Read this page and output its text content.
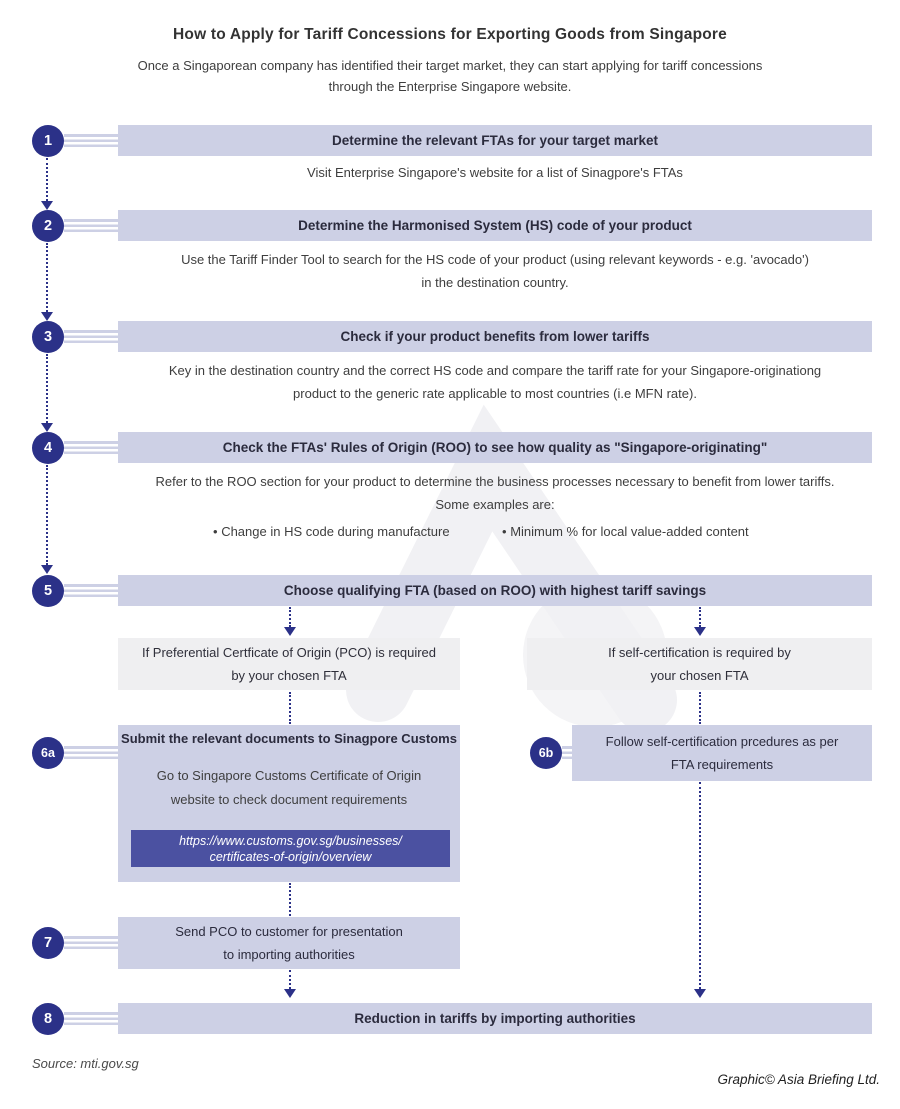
How to Apply for Tariff Concessions for Exporting Goods from Singapore
Once a Singaporean company has identified their target market, they can start applying for tariff concessions
through the Enterprise Singapore website.
1	Determine the relevant FTAs for your target market
Visit Enterprise Singapore's website for a list of Sinagpore's FTAs
2	Determine the Harmonised System (HS) code of your product
Use the Tariff Finder Tool to search for the HS code of your product (using relevant keywords - e.g. 'avocado')
in the destination country.
3	Check if your product benefits from lower tariffs
Key in the destination country and the correct HS code and compare the tariff rate for your Singapore-originationg
product to the generic rate applicable to most countries (i.e MFN rate).
4	Check the FTAs' Rules of Origin (ROO) to see how quality as "Singapore-originating"
Refer to the ROO section for your product to determine the business processes necessary to benefit from lower tariffs.
Some examples are:
• Change in HS code during manufacture	• Minimum % for local value-added content
5	Choose qualifying FTA (based on ROO) with highest tariff savings
If Preferential Certficate of Origin (PCO) is required
by your chosen FTA
If self-certification is required by
your chosen FTA
6a
Submit the relevant documents to Sinagpore Customs
Go to Singapore Customs Certificate of Origin
website to check document requirements
https://www.customs.gov.sg/businesses/
certificates-of-origin/overview
6b
Follow self-certification prcedures as per
FTA requirements
7
Send PCO to customer for presentation
to importing authorities
8	Reduction in tariffs by importing authorities
Source: mti.gov.sg
Graphic© Asia Briefing Ltd.
